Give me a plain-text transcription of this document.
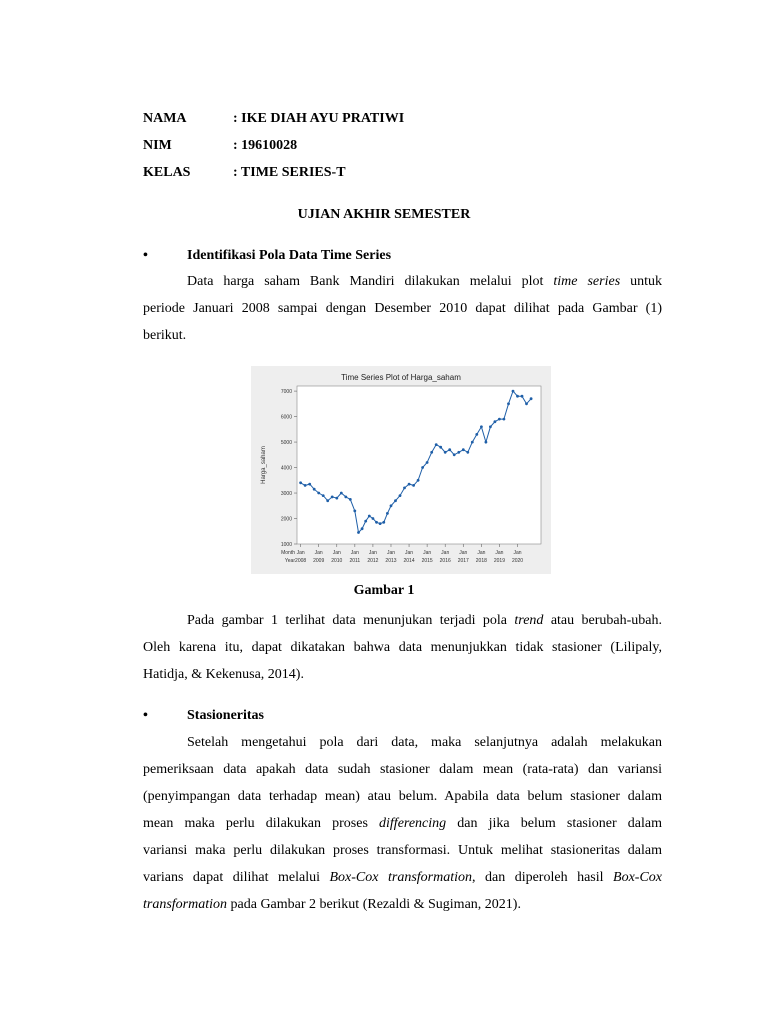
NAMA	: IKE DIAH AYU PRATIWI
NIM	: 19610028
KELAS	: TIME SERIES-T
UJIAN AKHIR SEMESTER
•	Identifikasi Pola Data Time Series
Data harga saham Bank Mandiri dilakukan melalui plot time series untuk
periode Januari 2008 sampai dengan Desember 2010 dapat dilihat pada Gambar (1)
berikut.
Time Series Plot of Harga_saham
1000
2000
3000
4000
5000
6000
7000
Harga_saham
Month
Year
Jan
2008
Jan
2009
Jan
2010
Jan
2011
Jan
2012
Jan
2013
Jan
2014
Jan
2015
Jan
2016
Jan
2017
Jan
2018
Jan
2019
Jan
2020
Gambar 1
Pada gambar 1 terlihat data menunjukan terjadi pola trend atau berubah-ubah.
Oleh karena itu, dapat dikatakan bahwa data menunjukkan tidak stasioner (Lilipaly,
Hatidja, & Kekenusa, 2014).
•	Stasioneritas
Setelah mengetahui pola dari data, maka selanjutnya adalah melakukan
pemeriksaan data apakah data sudah stasioner dalam mean (rata-rata) dan variansi
(penyimpangan data terhadap mean) atau belum. Apabila data belum stasioner dalam
mean maka perlu dilakukan proses differencing dan jika belum stasioner dalam
variansi maka perlu dilakukan proses transformasi. Untuk melihat stasioneritas dalam
varians dapat dilihat melalui Box-Cox transformation, dan diperoleh hasil Box-Cox
transformation pada Gambar 2 berikut (Rezaldi & Sugiman, 2021).
